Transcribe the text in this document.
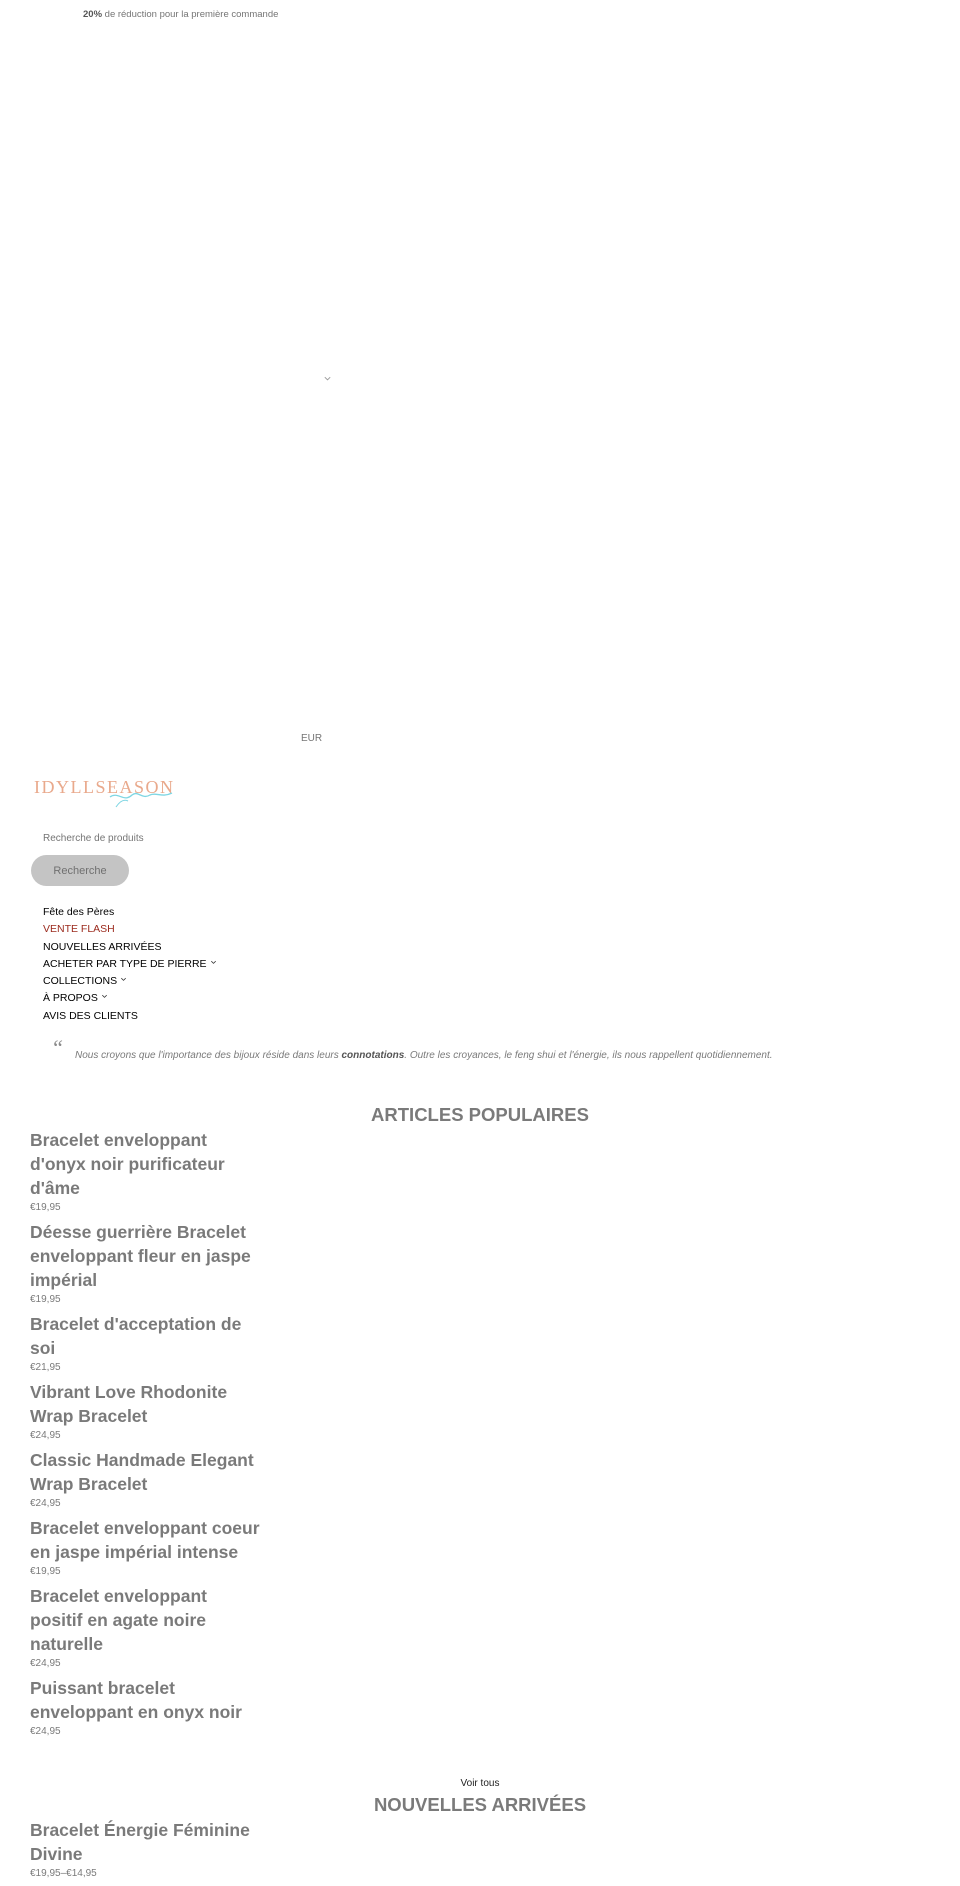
20% de réduction pour la première commande
EUR
IDYLLSEASON
Recherche de produits
Recherche
Fête des Pères
VENTE FLASH
NOUVELLES ARRIVÉES
ACHETER PAR TYPE DE PIERRE
COLLECTIONS
À PROPOS
AVIS DES CLIENTS
“ Nous croyons que l'importance des bijoux réside dans leurs connotations. Outre les croyances, le feng shui et l'énergie, ils nous rappellent quotidiennement.
ARTICLES POPULAIRES
Bracelet enveloppant d'onyx noir purificateur d'âme
€19,95
Déesse guerrière Bracelet enveloppant fleur en jaspe impérial
€19,95
Bracelet d'acceptation de soi
€21,95
Vibrant Love Rhodonite Wrap Bracelet
€24,95
Classic Handmade Elegant Wrap Bracelet
€24,95
Bracelet enveloppant coeur en jaspe impérial intense
€19,95
Bracelet enveloppant positif en agate noire naturelle
€24,95
Puissant bracelet enveloppant en onyx noir
€24,95
Voir tous
NOUVELLES ARRIVÉES
Bracelet Énergie Féminine Divine
€19,95–€14,95
